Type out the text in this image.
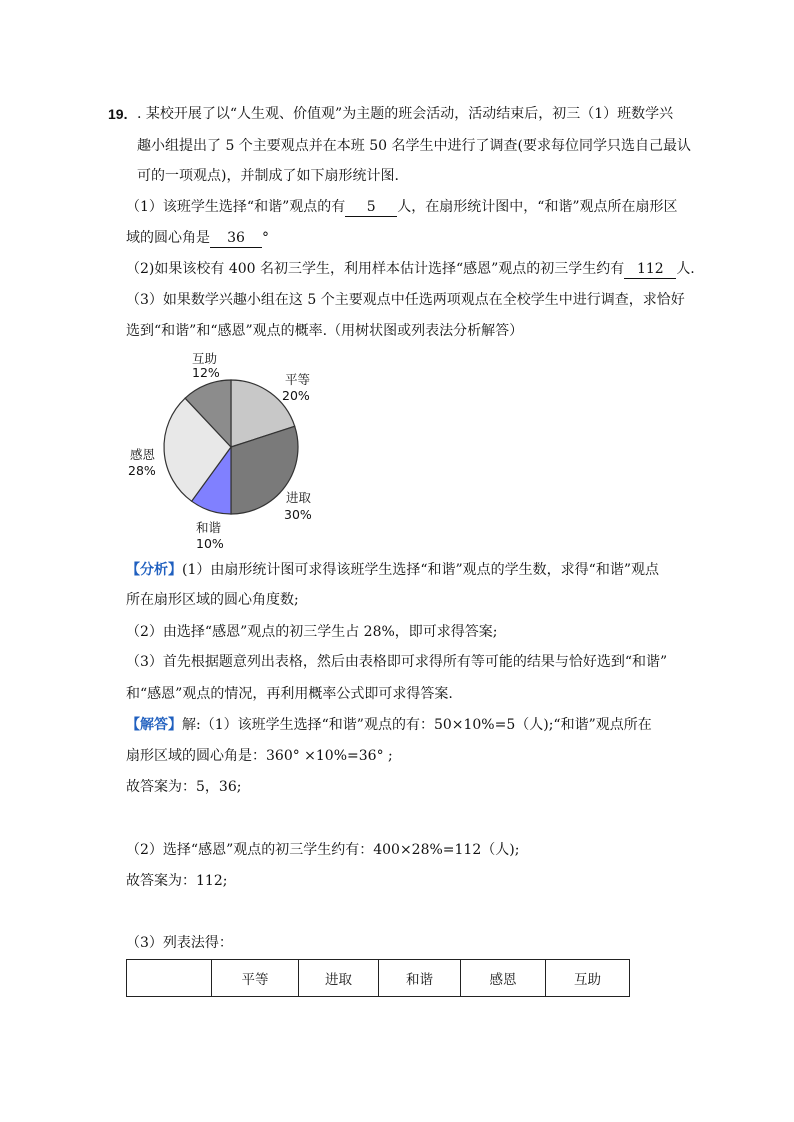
19. . 某校开展了以“人生观、价值观”为主题的班会活动，活动结束后，初三（1）班数学兴
趣小组提出了 5 个主要观点并在本班 50 名学生中进行了调查(要求每位同学只选自己最认
可的一项观点)，并制成了如下扇形统计图.
（1）该班学生选择“和谐”观点的有 5 人，在扇形统计图中，“和谐”观点所在扇形区
域的圆心角是 36 °
（2)如果该校有 400 名初三学生，利用样本估计选择“感恩”观点的初三学生约有 112 人.
（3）如果数学兴趣小组在这 5 个主要观点中任选两项观点在全校学生中进行调查，求恰好
选到“和谐”和“感恩”观点的概率.（用树状图或列表法分析解答）
互助
12%	平等
20%
感恩
28%
进取
30%
和谐
10%
【分析】(1）由扇形统计图可求得该班学生选择“和谐”观点的学生数，求得“和谐”观点
所在扇形区域的圆心角度数;
（2）由选择“感恩”观点的初三学生占 28%，即可求得答案;
（3）首先根据题意列出表格，然后由表格即可求得所有等可能的结果与恰好选到“和谐”
和“感恩”观点的情况，再利用概率公式即可求得答案.
【解答】解:（1）该班学生选择“和谐”观点的有：50×10%=5（人);“和谐”观点所在
扇形区域的圆心角是：360° ×10%=36° ;
故答案为：5，36;
（2）选择“感恩”观点的初三学生约有：400×28%=112（人);
故答案为：112;
（3）列表法得：
	平等	进取	和谐	感恩	互助
